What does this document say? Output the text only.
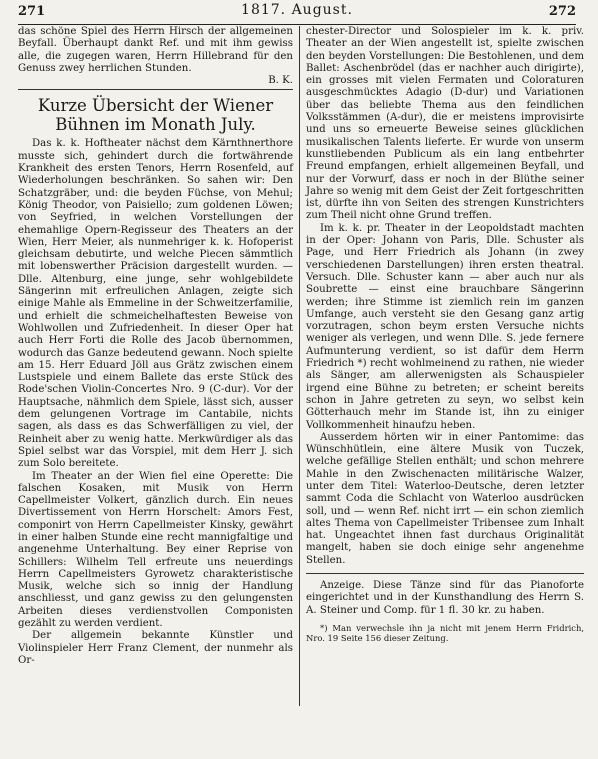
271	1817. August.	272

das schöne Spiel des Herrn Hirsch der allgemeinen Beyfall. Überhaupt dankt Ref. und mit ihm gewiss alle, die zugegen waren, Herrn Hillebrand für den Genuss zwey herrlichen Stunden.

B. K.
Kurze Übersicht der Wiener Bühnen im Monath July.

Das k. k. Hoftheater nächst dem Kärnthnerthore musste sich, gehindert durch die fortwährende Krankheit des ersten Tenors, Herrn Rosenfeld, auf Wiederholungen beschränken. So sahen wir: Den Schatzgräber, und: die beyden Füchse, von Mehul; König Theodor, von Paisiello; zum goldenen Löwen; von Seyfried, in welchen Vorstellungen der ehemahlige Opern-Regisseur des Theaters an der Wien, Herr Meier, als nunmehriger k. k. Hofoperist gleichsam debutirte, und welche Piecen sämmtlich mit lobenswerther Präcision dargestellt wurden. — Dlle. Altenburg, eine junge, sehr wohlgebildete Sängerinn mit erfreulichen Anlagen, zeigte sich einige Mahle als Emmeline in der Schweitzerfamilie, und erhielt die schmeichelhaftesten Beweise von Wohlwollen und Zufriedenheit. In dieser Oper hat auch Herr Forti die Rolle des Jacob übernommen, wodurch das Ganze bedeutend gewann. Noch spielte am 15. Herr Eduard Jöll aus Grätz zwischen einem Lustspiele und einem Ballete das erste Stück des Rode'schen Violin-Concertes Nro. 9 (C-dur). Vor der Hauptsache, nähmlich dem Spiele, lässt sich, ausser dem gelungenen Vortrage im Cantabile, nichts sagen, als dass es das Schwerfälligen zu viel, der Reinheit aber zu wenig hatte. Merkwürdiger als das Spiel selbst war das Vorspiel, mit dem Herr J. sich zum Solo bereitete.

Im Theater an der Wien fiel eine Operette: Die falschen Kosaken, mit Musik von Herrn Capellmeister Volkert, gänzlich durch. Ein neues Divertissement von Herrn Horschelt: Amors Fest, componirt von Herrn Capellmeister Kinsky, gewährt in einer halben Stunde eine recht mannigfaltige und angenehme Unterhaltung. Bey einer Reprise von Schillers: Wilhelm Tell erfreute uns neuerdings Herrn Capellmeisters Gyrowetz charakteristische Musik, welche sich so innig der Handlung anschliesst, und ganz gewiss zu den gelungensten Arbeiten dieses verdienstvollen Componisten gezählt zu werden verdient.

Der allgemein bekannte Künstler und Violinspieler Herr Franz Clement, der nunmehr als Or-

chester-Director und Solospieler im k. k. priv. Theater an der Wien angestellt ist, spielte zwischen den beyden Vorstellungen: Die Bestohlenen, und dem Ballet: Aschenbrödel (das er nachher auch dirigirte), ein grosses mit vielen Fermaten und Coloraturen ausgeschmücktes Adagio (D-dur) und Variationen über das beliebte Thema aus den feindlichen Volksstämmen (A-dur), die er meistens improvisirte und uns so erneuerte Beweise seines glücklichen musikalischen Talents lieferte. Er wurde von unserm kunstliebenden Publicum als ein lang entbehrter Freund empfangen, erhielt allgemeinen Beyfall, und nur der Vorwurf, dass er noch in der Blüthe seiner Jahre so wenig mit dem Geist der Zeit fortgeschritten ist, dürfte ihn von Seiten des strengen Kunstrichters zum Theil nicht ohne Grund treffen.

Im k. k. pr. Theater in der Leopoldstadt machten in der Oper: Johann von Paris, Dlle. Schuster als Page, und Herr Friedrich als Johann (in zwey verschiedenen Darstellungen) ihren ersten theatral. Versuch. Dlle. Schuster kann — aber auch nur als Soubrette — einst eine brauchbare Sängerinn werden; ihre Stimme ist ziemlich rein im ganzen Umfange, auch versteht sie den Gesang ganz artig vorzutragen, schon beym ersten Versuche nichts weniger als verlegen, und wenn Dlle. S. jede fernere Aufmunterung verdient, so ist dafür dem Herrn Friedrich *) recht wohlmeinend zu rathen, nie wieder als Sänger, am allerwenigsten als Schauspieler irgend eine Bühne zu betreten; er scheint bereits schon in Jahre getreten zu seyn, wo selbst kein Götterhauch mehr im Stande ist, ihn zu einiger Vollkommenheit hinaufzu heben.

Ausserdem hörten wir in einer Pantomime: das Wünschhütlein, eine ältere Musik von Tuczek, welche gefällige Stellen enthält; und schon mehrere Mahle in den Zwischenacten militärische Walzer, unter dem Titel: Waterloo-Deutsche, deren letzter sammt Coda die Schlacht von Waterloo ausdrücken soll, und — wenn Ref. nicht irrt — ein schon ziemlich altes Thema von Capellmeister Tribensee zum Inhalt hat. Ungeachtet ihnen fast durchaus Originalität mangelt, haben sie doch einige sehr angenehme Stellen.

Anzeige. Diese Tänze sind für das Pianoforte eingerichtet und in der Kunsthandlung des Herrn S. A. Steiner und Comp. für 1 fl. 30 kr. zu haben.

*) Man verwechsle ihn ja nicht mit jenem Herrn Fridrich, Nro. 19 Seite 156 dieser Zeitung.
